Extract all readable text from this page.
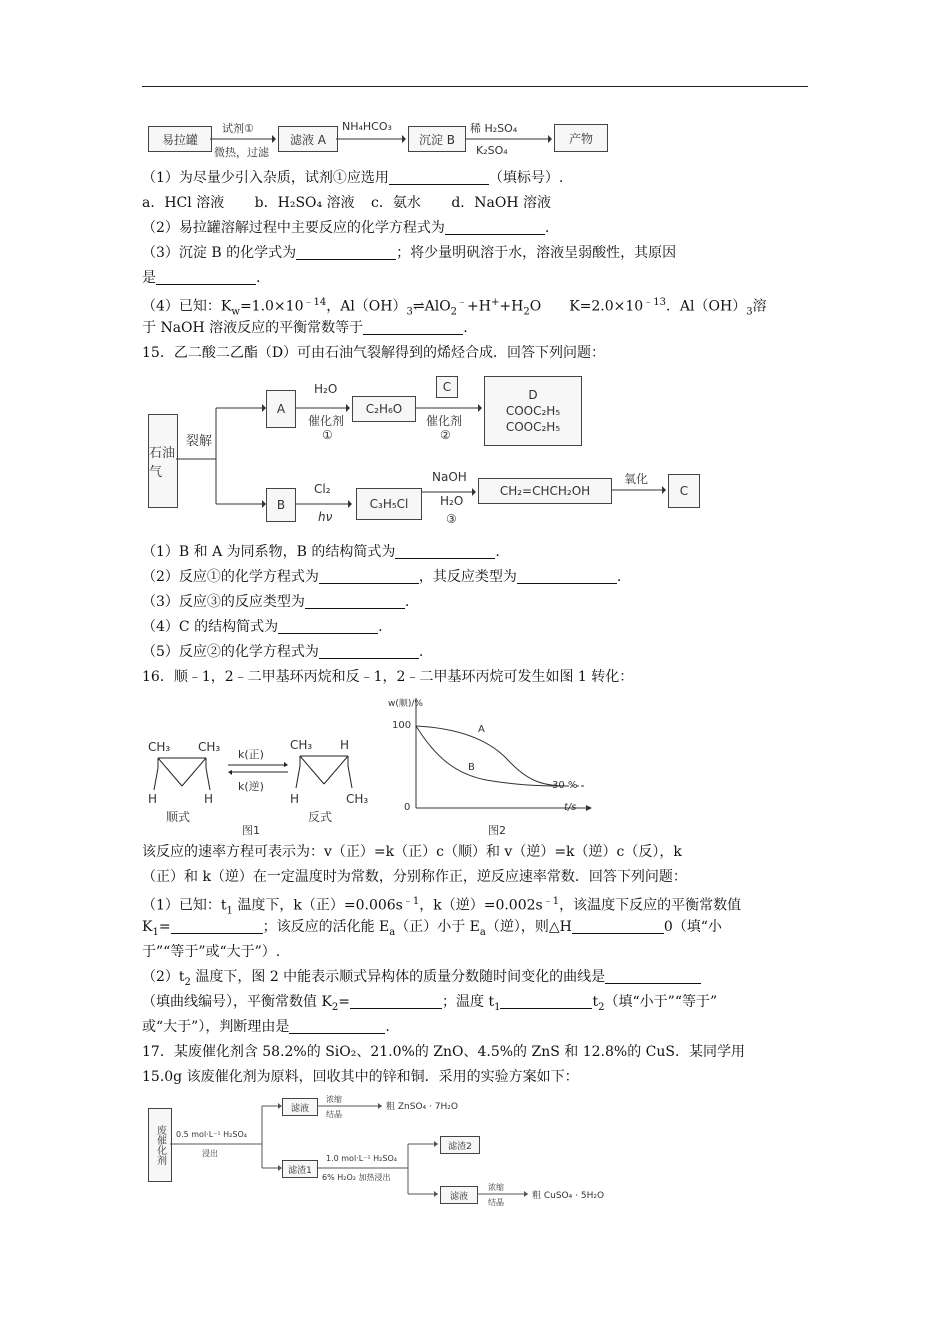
易拉罐
试剂①
微热，过滤
滤液 A
NH₄HCO₃
沉淀 B
稀 H₂SO₄
K₂SO₄
产物
（1）为尽量少引入杂质，试剂①应选用	（填标号）.
a．HCl 溶液 b．H₂SO₄ 溶液 c．氨水 d．NaOH 溶液
（2）易拉罐溶解过程中主要反应的化学方程式为	.
（3）沉淀 B 的化学式为	；将少量明矾溶于水，溶液呈弱酸性，其原因
是	.
（4）已知：$K_w=1.0\times 10^{﹣14}$，$Al(OH)_3\rightleftharpoons AlO_2^﹣+H^++H_2O$　　$K=2.0\times 10^{﹣13}$．$Al(OH)_3$溶
于 NaOH 溶液反应的平衡常数等于	.
15．乙二酸二乙酯（D）可由石油气裂解得到的烯烃合成．回答下列问题：
石油气
裂解
A
H₂O
催化剂
①
C₂H₆O
C
催化剂
②
D
COOC₂H₅
COOC₂H₅
B
Cl₂
hν
C₃H₅Cl
NaOH
H₂O
③
CH₂=CHCH₂OH
氧化
C
（1）B 和 A 为同系物，B 的结构简式为	.
（2）反应①的化学方程式为	，其反应类型为	.
（3）反应③的反应类型为	.
（4）C 的结构简式为	.
（5）反应②的化学方程式为	.
16．顺﹣1，2﹣二甲基环丙烷和反﹣1，2﹣二甲基环丙烷可发生如图 1 转化：
CH₃ CH₃
H	H
顺式
k(正)
k(逆)
CH₃ H
H	CH₃
反式
图1
w(顺)/%
100
0
A
B
30 %
t/s
图2
该反应的速率方程可表示为：v（正）=k（正）c（顺）和 v（逆）=k（逆）c（反），k
（正）和 k（逆）在一定温度时为常数，分别称作正，逆反应速率常数．回答下列问题：
（1）已知：$t_1$ 温度下，k（正）$=0.006s^{﹣1}$，k（逆）$=0.002s^{﹣1}$，该温度下反应的平衡常数值
$K_1=$	；该反应的活化能 $E_a$（正）小于 $E_a$（逆），则△H	0（填“小
于”“等于”或“大于”）.
$(2)t_2$ 温度下，图 2 中能表示顺式异构体的质量分数随时间变化的曲线是
（填曲线编号），平衡常数值 $K_2=$	；温度 $t_1$	$t_2$（填“小于”“等于”
或“大于”），判断理由是	.
17．某废催化剂含 58.2%的 SiO₂、21.0%的 ZnO、4.5%的 ZnS 和 12.8%的 CuS．某同学用
15.0g 该废催化剂为原料，回收其中的锌和铜．采用的实验方案如下：
废催化剂
滤液
浓缩
结晶
粗 ZnSO₄ · 7H₂O
0.5 mol·L⁻¹ H₂SO₄
浸出
滤渣1
1.0 mol·L⁻¹ H₂SO₄
6% H₂O₂ 加热浸出
滤渣2
滤液
浓缩
结晶
粗 CuSO₄ · 5H₂O
